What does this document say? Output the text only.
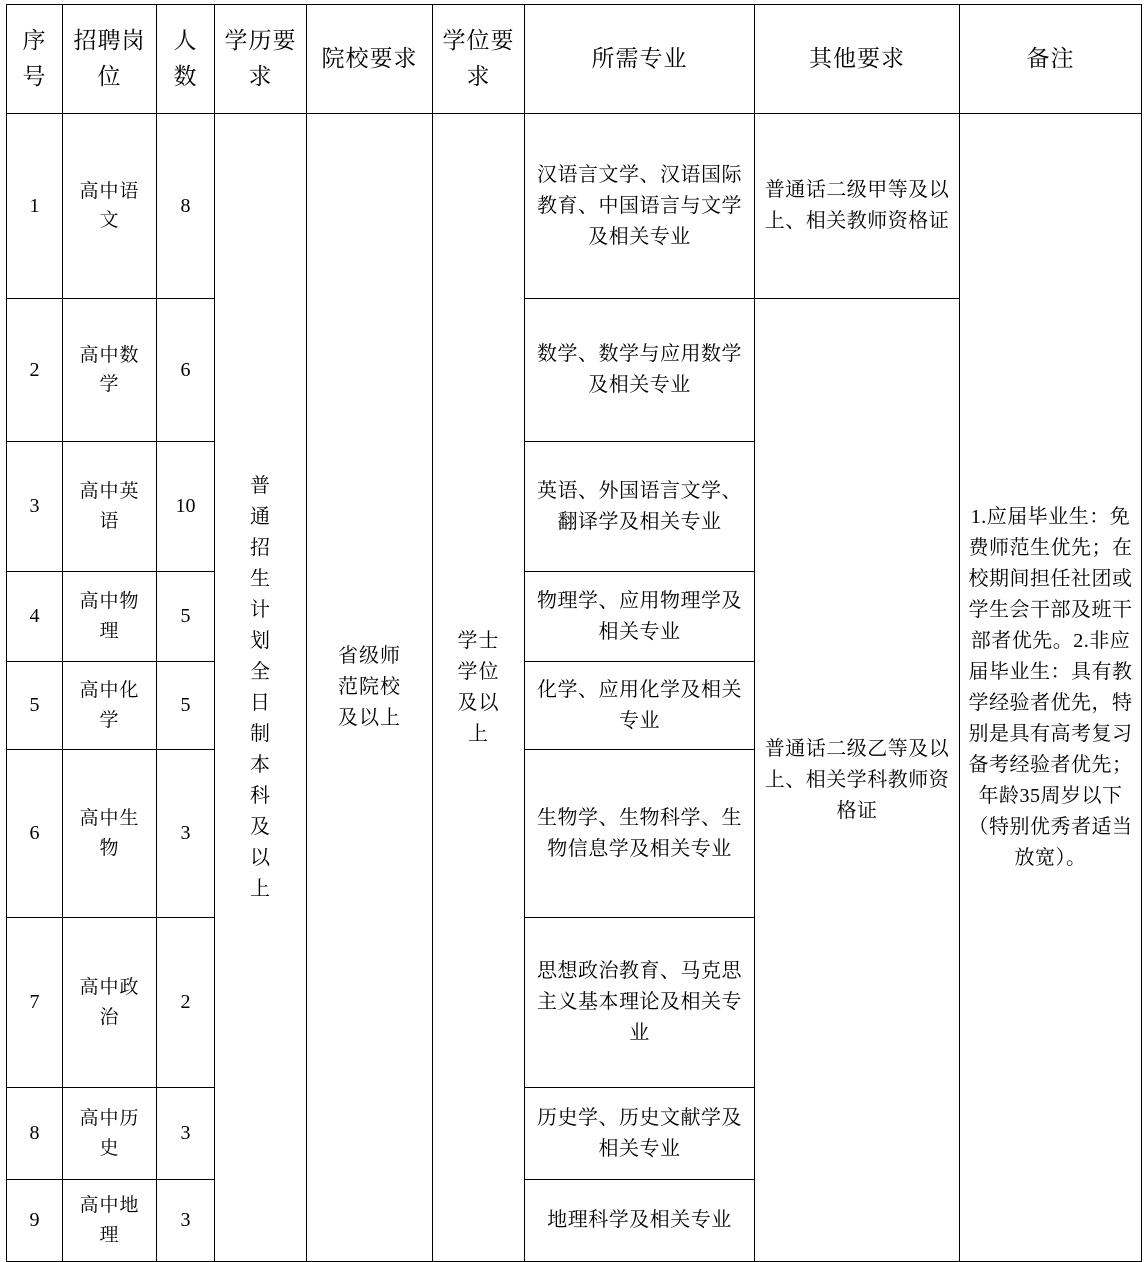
序号	招聘岗位	人数	学历要求	院校要求	学位要求	所需专业	其他要求	备注
1	高中语文	8	普通招生计划全日制本科及以上	省级师范院校及以上	学士学位及以上	汉语言文学、汉语国际教育、中国语言与文学及相关专业	普通话二级甲等及以上、相关教师资格证	1.应届毕业生：免费师范生优先；在校期间担任社团或学生会干部及班干部者优先。2.非应届毕业生：具有教学经验者优先，特别是具有高考复习备考经验者优先；年龄35周岁以下（特别优秀者适当放宽）。
2	高中数学	6				数学、数学与应用数学及相关专业	普通话二级乙等及以上、相关学科教师资格证	
3	高中英语	10				英语、外国语言文学、翻译学及相关专业		
4	高中物理	5				物理学、应用物理学及相关专业		
5	高中化学	5				化学、应用化学及相关专业		
6	高中生物	3				生物学、生物科学、生物信息学及相关专业		
7	高中政治	2				思想政治教育、马克思主义基本理论及相关专业		
8	高中历史	3				历史学、历史文献学及相关专业		
9	高中地理	3				地理科学及相关专业		
